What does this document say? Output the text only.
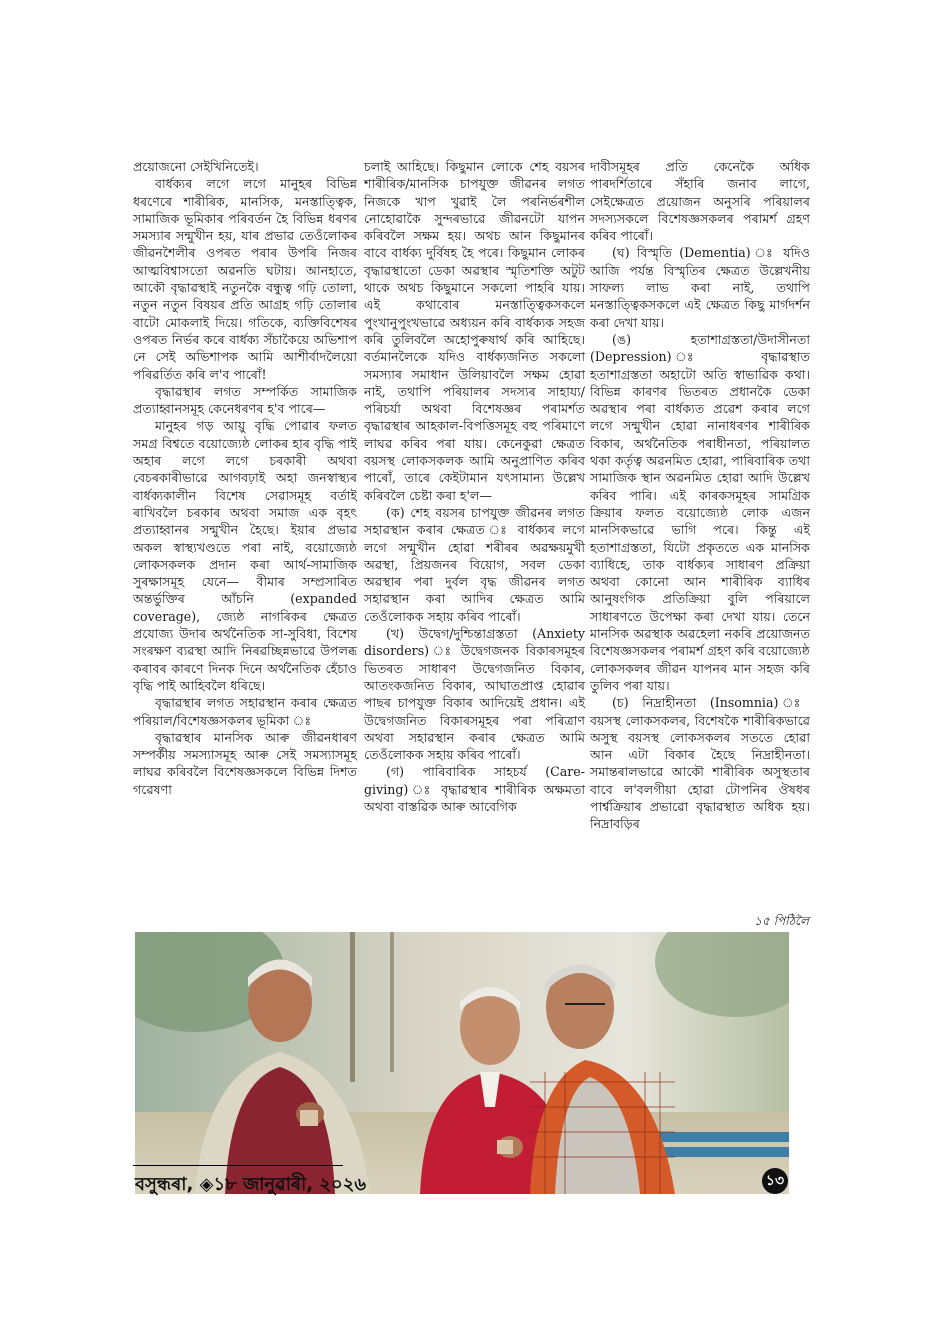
প্ৰয়োজনো সেইখিনিতেই।

বাৰ্ধক্যৰ লগে লগে মানুহৰ বিভিন্ন ধৰণেৰে শাৰীৰিক, মানসিক, মনস্তাত্ত্বিক, সামাজিক ভূমিকাৰ পৰিবৰ্তন হৈ বিভিন্ন ধৰণৰ সমস্যাৰ সন্মুখীন হয়, যাৰ প্ৰভাৱ তেওঁলোকৰ জীৱনশৈলীৰ ওপৰত পৰাৰ উপৰি নিজৰ আত্মবিশ্বাসতো অৱনতি ঘটায়। আনহাতে, আকৌ বৃদ্ধাৱস্থাই নতুনকৈ বন্ধুত্ব গঢ়ি তোলা, নতুন নতুন বিষয়ৰ প্ৰতি আগ্ৰহ গঢ়ি তোলাৰ বাটো মোকলাই দিয়ে। গতিকে, ব্যক্তিবিশেষৰ ওপৰত নিৰ্ভৰ কৰে বাৰ্ধক্য সঁচাকৈয়ে অভিশাপ নে সেই অভিশাপক আমি আশীৰ্বাদলৈয়ো পৰিৱৰ্তিত কৰি ল'ব পাৰোঁ!

বৃদ্ধাৱস্থাৰ লগত সম্পৰ্কিত সামাজিক প্ৰত্যাহ্বানসমূহ কেনেধৰণৰ হ'ব পাৰে—

মানুহৰ গড় আয়ু বৃদ্ধি পোৱাৰ ফলত সমগ্ৰ বিশ্বতে বয়োজ্যেষ্ঠ লোকৰ হাৰ বৃদ্ধি পাই অহাৰ লগে লগে চৰকাৰী অথবা বেচৰকাৰীভাৱে আগবঢ়াই অহা জনস্বাস্থ্যৰ বাৰ্ধক্যকালীন বিশেষ সেৱাসমূহ বৰ্তাই ৰাখিবলৈ চৰকাৰ অথবা সমাজ এক বৃহৎ প্ৰত্যাহ্বানৰ সন্মুখীন হৈছে। ইয়াৰ প্ৰভাৱ অকল স্বাস্থ্যখণ্ডতে পৰা নাই, বয়োজ্যেষ্ঠ লোকসকলক প্ৰদান কৰা আৰ্থ-সামাজিক সুৰক্ষাসমূহ যেনে— বীমাৰ সম্প্ৰসাৰিত অন্তৰ্ভুক্তিৰ আঁচনি (expanded coverage), জ্যেষ্ঠ নাগৰিকৰ ক্ষেত্ৰত প্ৰযোজ্য উদাৰ অৰ্থনৈতিক সা-সুবিধা, বিশেষ সংৰক্ষণ ব্যৱস্থা আদি নিৰৱচ্ছিন্নভাৱে উপলব্ধ কৰাবৰ কাৰণে দিনক দিনে অৰ্থনৈতিক হেঁচাও বৃদ্ধি পাই আহিবলৈ ধৰিছে।

বৃদ্ধাৱস্থাৰ লগত সহাৱস্থান কৰাৰ ক্ষেত্ৰত পৰিয়াল/বিশেষজ্ঞসকলৰ ভূমিকা ঃ

বৃদ্ধাৱস্থাৰ মানসিক আৰু জীৱনধাৰণ সম্পৰ্কীয় সমস্যাসমূহ আৰু সেই সমস্যাসমূহ লাঘৱ কৰিবলৈ বিশেষজ্ঞসকলে বিভিন্ন দিশত গৱেষণা

চলাই আহিছে। কিছুমান লোকে শেহ বয়সৰ শাৰীৰিক/মানসিক চাপযুক্ত জীৱনৰ লগত নিজকে খাপ খুৱাই লৈ পৰনিৰ্ভৰশীল নোহোৱাকৈ সুন্দৰভাৱে জীৱনটো যাপন কৰিবলৈ সক্ষম হয়। অথচ আন কিছুমানৰ বাবে বাৰ্ধক্য দুৰ্বিষহ হৈ পৰে। কিছুমান লোকৰ বৃদ্ধাৱস্থাতো ডেকা অৱস্থাৰ স্মৃতিশক্তি অটুট থাকে অথচ কিছুমানে সকলো পাহৰি যায়। এই কথাবোৰ মনস্তাত্ত্বিকসকলে পুংখানুপুংখভাৱে অধ্যয়ন কৰি বাৰ্ধক্যক সহজ কৰি তুলিবলৈ অহোপুৰুষাৰ্থ কৰি আহিছে। বৰ্তমানলৈকে যদিও বাৰ্ধক্যজনিত সকলো সমস্যাৰ সমাধান উলিয়াবলৈ সক্ষম হোৱা নাই, তথাপি পৰিয়ালৰ সদস্যৰ সাহায্য/পৰিচৰ্যা অথবা বিশেষজ্ঞৰ পৰামৰ্শত বৃদ্ধাৱস্থাৰ আহকাল-বিপত্তিসমূহ বহু পৰিমাণে লাঘৱ কৰিব পৰা যায়। কেনেকুৱা ক্ষেত্ৰত বয়সস্থ লোকসকলক আমি অনুপ্ৰাণিত কৰিব পাৰোঁ, তাৰে কেইটামান যৎসামান্য উল্লেখ কৰিবলৈ চেষ্টা কৰা হ'ল—

(ক) শেহ বয়সৰ চাপযুক্ত জীৱনৰ লগত সহাৱস্থান কৰাৰ ক্ষেত্ৰত ঃ বাৰ্ধক্যৰ লগে লগে সন্মুখীন হোৱা শৰীৰৰ অৱক্ষয়মুখী অৱস্থা, প্ৰিয়জনৰ বিয়োগ, সবল ডেকা অৱস্থাৰ পৰা দুৰ্বল বৃদ্ধ জীৱনৰ লগত সহাৱস্থান কৰা আদিৰ ক্ষেত্ৰত আমি তেওঁলোকক সহায় কৰিব পাৰোঁ।

(খ) উদ্বেগ/দুশ্চিন্তাগ্ৰস্ততা (Anxiety disorders) ঃ উদ্বেগজনক বিকাৰসমূহৰ ভিতৰত সাধাৰণ উদ্বেগজনিত বিকাৰ, আতংকজনিত বিকাৰ, আঘাতপ্ৰাপ্ত হোৱাৰ পাছৰ চাপযুক্ত বিকাৰ আদিয়েই প্ৰধান। এই উদ্বেগজনিত বিকাৰসমূহৰ পৰা পৰিত্ৰাণ অথবা সহাৱস্থান কৰাৰ ক্ষেত্ৰত আমি তেওঁলোকক সহায় কৰিব পাৰোঁ।

(গ) পাৰিবাৰিক সাহচৰ্য (Care-giving) ঃ বৃদ্ধাৱস্থাৰ শাৰীৰিক অক্ষমতা অথবা বাস্তৱিক আৰু আবেগিক

দাবীসমূহৰ প্ৰতি কেনেকৈ অধিক পাৰদৰ্শিতাৰে সঁহাৰি জনাব লাগে, সেইক্ষেত্ৰত প্ৰয়োজন অনুসৰি পৰিয়ালৰ সদস্যসকলে বিশেষজ্ঞসকলৰ পৰামৰ্শ গ্ৰহণ কৰিব পাৰোঁ।

(ঘ) বিস্মৃতি (Dementia) ঃ যদিও আজি পৰ্যন্ত বিস্মৃতিৰ ক্ষেত্ৰত উল্লেখনীয় সাফল্য লাভ কৰা নাই, তথাপি মনস্তাত্ত্বিকসকলে এই ক্ষেত্ৰত কিছু মাৰ্গদৰ্শন কৰা দেখা যায়।

(ঙ) হতাশাগ্ৰস্ততা/উদাসীনতা (Depression) ঃ বৃদ্ধাৱস্থাত হতাশাগ্ৰস্ততা অহাটো অতি স্বাভাৱিক কথা। বিভিন্ন কাৰণৰ ভিতৰত প্ৰধানকৈ ডেকা অৱস্থাৰ পৰা বাৰ্ধক্যত প্ৰৱেশ কৰাৰ লগে লগে সন্মুখীন হোৱা নানাধৰণৰ শাৰীৰিক বিকাৰ, অৰ্থনৈতিক পৰাধীনতা, পৰিয়ালত থকা কৰ্তৃত্ব অৱনমিত হোৱা, পাৰিবাৰিক তথা সামাজিক স্থান অৱনমিত হোৱা আদি উল্লেখ কৰিব পাৰি। এই কাৰকসমূহৰ সামগ্ৰিক ক্ৰিয়াৰ ফলত বয়োজ্যেষ্ঠ লোক এজন মানসিকভাৱে ভাগি পৰে। কিন্তু এই হতাশাগ্ৰস্ততা, যিটো প্ৰকৃততে এক মানসিক ব্যাধিহে, তাক বাৰ্ধক্যৰ সাধাৰণ প্ৰক্ৰিয়া অথবা কোনো আন শাৰীৰিক ব্যাধিৰ আনুষংগিক প্ৰতিক্ৰিয়া বুলি পৰিয়ালে সাধাৰণতে উপেক্ষা কৰা দেখা যায়। তেনে মানসিক অৱস্থাক অৱহেলা নকৰি প্ৰয়োজনত বিশেষজ্ঞসকলৰ পৰামৰ্শ গ্ৰহণ কৰি বয়োজ্যেষ্ঠ লোকসকলৰ জীৱন যাপনৰ মান সহজ কৰি তুলিব পৰা যায়।

(চ) নিদ্ৰাহীনতা (Insomnia) ঃ বয়সস্থ লোকসকলৰ, বিশেষকৈ শাৰীৰিকভাৱে অসুস্থ বয়সস্থ লোকসকলৰ সততে হোৱা আন এটা বিকাৰ হৈছে নিদ্ৰাহীনতা। সমান্তৰালভাৱে আকৌ শাৰীৰিক অসুস্থতাৰ বাবে ল'বলগীয়া হোৱা টোপনিৰ ঔষধৰ পাৰ্শ্বক্ৰিয়াৰ প্ৰভাৱো বৃদ্ধাৱস্থাত অধিক হয়। নিদ্ৰাবড়িৰ

১৫ পিঠিলৈ
বসুন্ধৰা, ◈১৮ জানুৱাৰী, ২০২৬	১৩
